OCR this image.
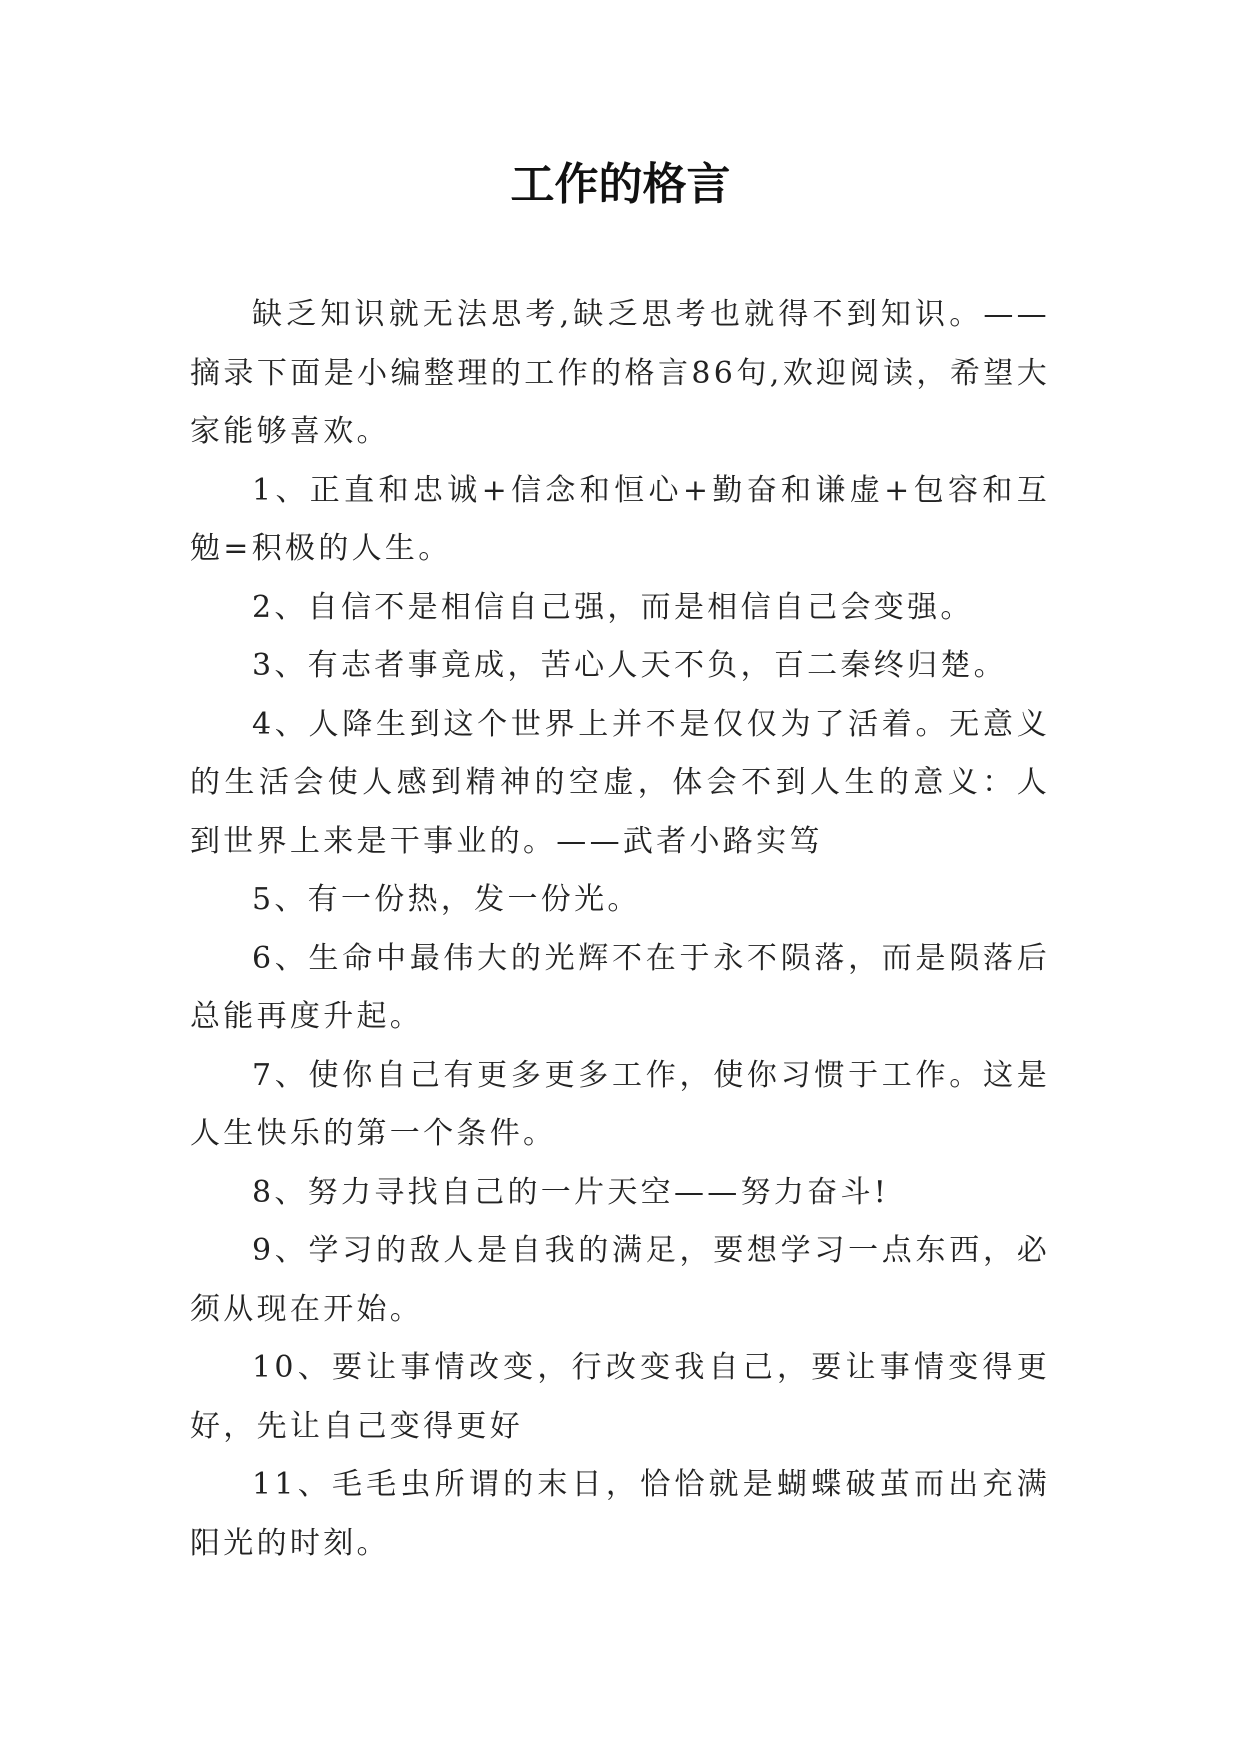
工作的格言

缺乏知识就无法思考,缺乏思考也就得不到知识。——摘录下面是小编整理的工作的格言86句,欢迎阅读，希望大家能够喜欢。

1、正直和忠诚+信念和恒心+勤奋和谦虚+包容和互勉=积极的人生。

2、自信不是相信自己强，而是相信自己会变强。

3、有志者事竟成，苦心人天不负，百二秦终归楚。

4、人降生到这个世界上并不是仅仅为了活着。无意义的生活会使人感到精神的空虚，体会不到人生的意义：人到世界上来是干事业的。——武者小路实笃

5、有一份热，发一份光。

6、生命中最伟大的光辉不在于永不陨落，而是陨落后总能再度升起。

7、使你自己有更多更多工作，使你习惯于工作。这是人生快乐的第一个条件。

8、努力寻找自己的一片天空——努力奋斗!

9、学习的敌人是自我的满足，要想学习一点东西，必须从现在开始。

10、要让事情改变，行改变我自己，要让事情变得更好，先让自己变得更好

11、毛毛虫所谓的末日，恰恰就是蝴蝶破茧而出充满阳光的时刻。
